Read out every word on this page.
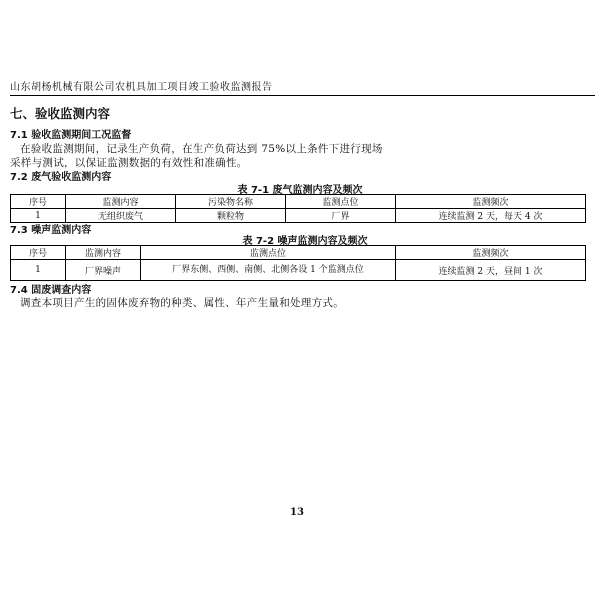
山东胡杨机械有限公司农机具加工项目竣工验收监测报告
七、验收监测内容
7.1 验收监测期间工况监督
在验收监测期间，记录生产负荷，在生产负荷达到 75%以上条件下进行现场
采样与测试，以保证监测数据的有效性和准确性。
7.2 废气验收监测内容
表 7-1 废气监测内容及频次
序号	监测内容	污染物名称	监测点位	监测频次
1	无组织废气	颗粒物	厂界	连续监测 2 天，每天 4 次
7.3 噪声监测内容
表 7-2 噪声监测内容及频次
序号	监测内容	监测点位	监测频次
1	厂界噪声	厂界东侧、西侧、南侧、北侧各设 1 个监测点位	连续监测 2 天，昼间 1 次
7.4 固废调查内容
调查本项目产生的固体废弃物的种类、属性、年产生量和处理方式。
13
